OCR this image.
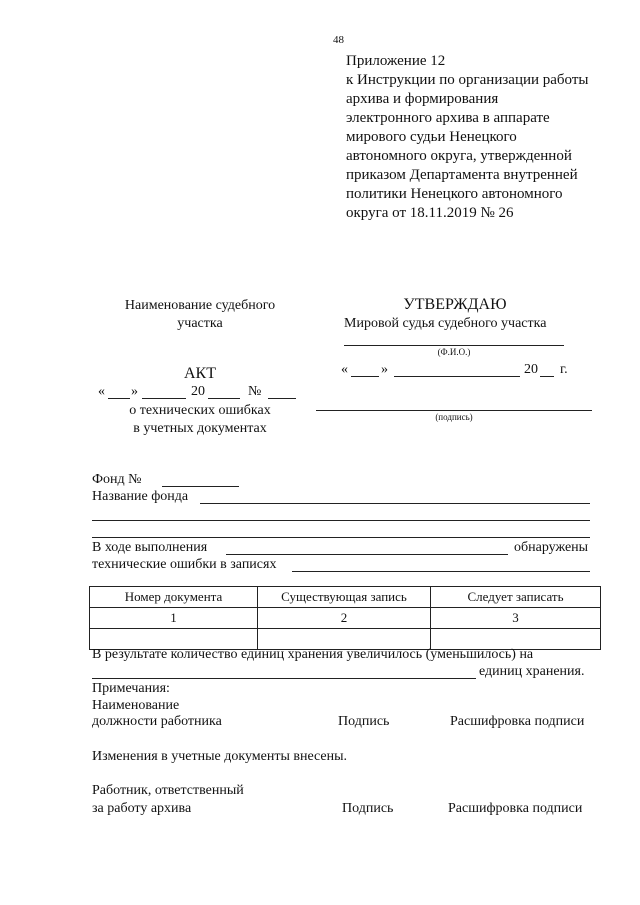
48
Приложение 12
к Инструкции по организации работы
архива и формирования
электронного архива в аппарате
мирового судьи Ненецкого
автономного округа, утвержденной
приказом Департамента внутренней
политики Ненецкого автономного
округа от 18.11.2019 № 26
Наименование судебного
участка
УТВЕРЖДАЮ
Мировой судья судебного участка
(Ф.И.О.)
« »	20 г.
(подпись)
АКТ
« »	20	№
о технических ошибках
в учетных документах
Фонд №
Название фонда
В ходе выполнения	обнаружены
технические ошибки в записях
Номер документа	Существующая запись	Следует записать
1	2	3

В результате количество единиц хранения увеличилось (уменьшилось) на
единиц хранения.
Примечания:
Наименование
должности работника	Подпись	Расшифровка подписи
Изменения в учетные документы внесены.
Работник, ответственный
за работу архива	Подпись	Расшифровка подписи
